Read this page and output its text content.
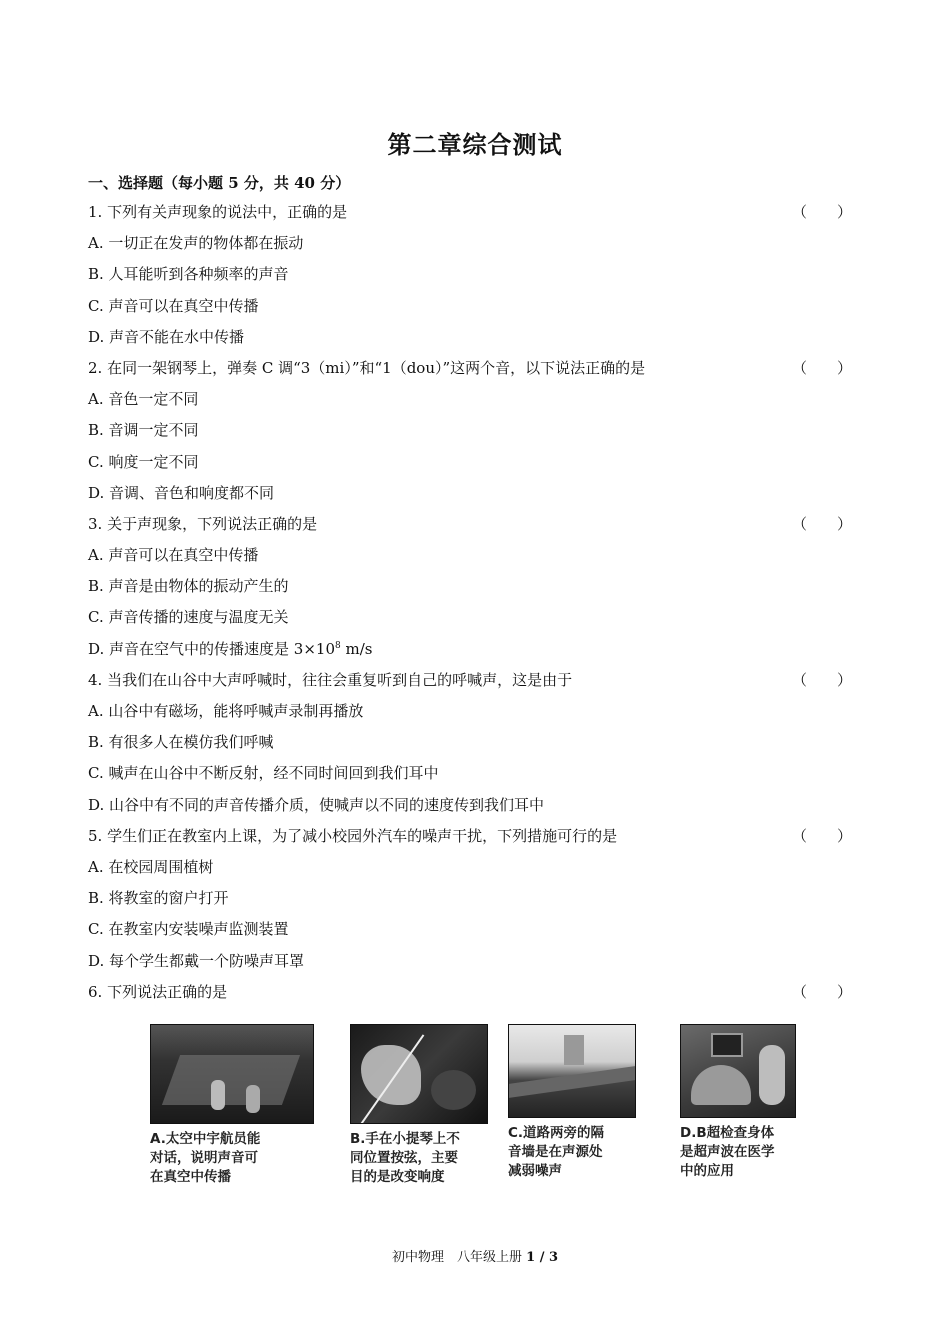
第二章综合测试
一、选择题（每小题 5 分，共 40 分）
1. 下列有关声现象的说法中，正确的是	（　　）
A. 一切正在发声的物体都在振动
B. 人耳能听到各种频率的声音
C. 声音可以在真空中传播
D. 声音不能在水中传播
2. 在同一架钢琴上，弹奏 C 调“3（mi）”和“1（dou）”这两个音，以下说法正确的是	（　　）
A. 音色一定不同
B. 音调一定不同
C. 响度一定不同
D. 音调、音色和响度都不同
3. 关于声现象，下列说法正确的是	（　　）
A. 声音可以在真空中传播
B. 声音是由物体的振动产生的
C. 声音传播的速度与温度无关
D. 声音在空气中的传播速度是 $3\times 10^8$ m/s
4. 当我们在山谷中大声呼喊时，往往会重复听到自己的呼喊声，这是由于	（　　）
A. 山谷中有磁场，能将呼喊声录制再播放
B. 有很多人在模仿我们呼喊
C. 喊声在山谷中不断反射，经不同时间回到我们耳中
D. 山谷中有不同的声音传播介质，使喊声以不同的速度传到我们耳中
5. 学生们正在教室内上课，为了减小校园外汽车的噪声干扰，下列措施可行的是	（　　）
A. 在校园周围植树
B. 将教室的窗户打开
C. 在教室内安装噪声监测装置
D. 每个学生都戴一个防噪声耳罩
6. 下列说法正确的是	（　　）
A.太空中宇航员能
对话，说明声音可
在真空中传播
B.手在小提琴上不
同位置按弦，主要
目的是改变响度
C.道路两旁的隔
音墙是在声源处
减弱噪声
D.B超检查身体
是超声波在医学
中的应用
初中物理　八年级上册 1 / 3
